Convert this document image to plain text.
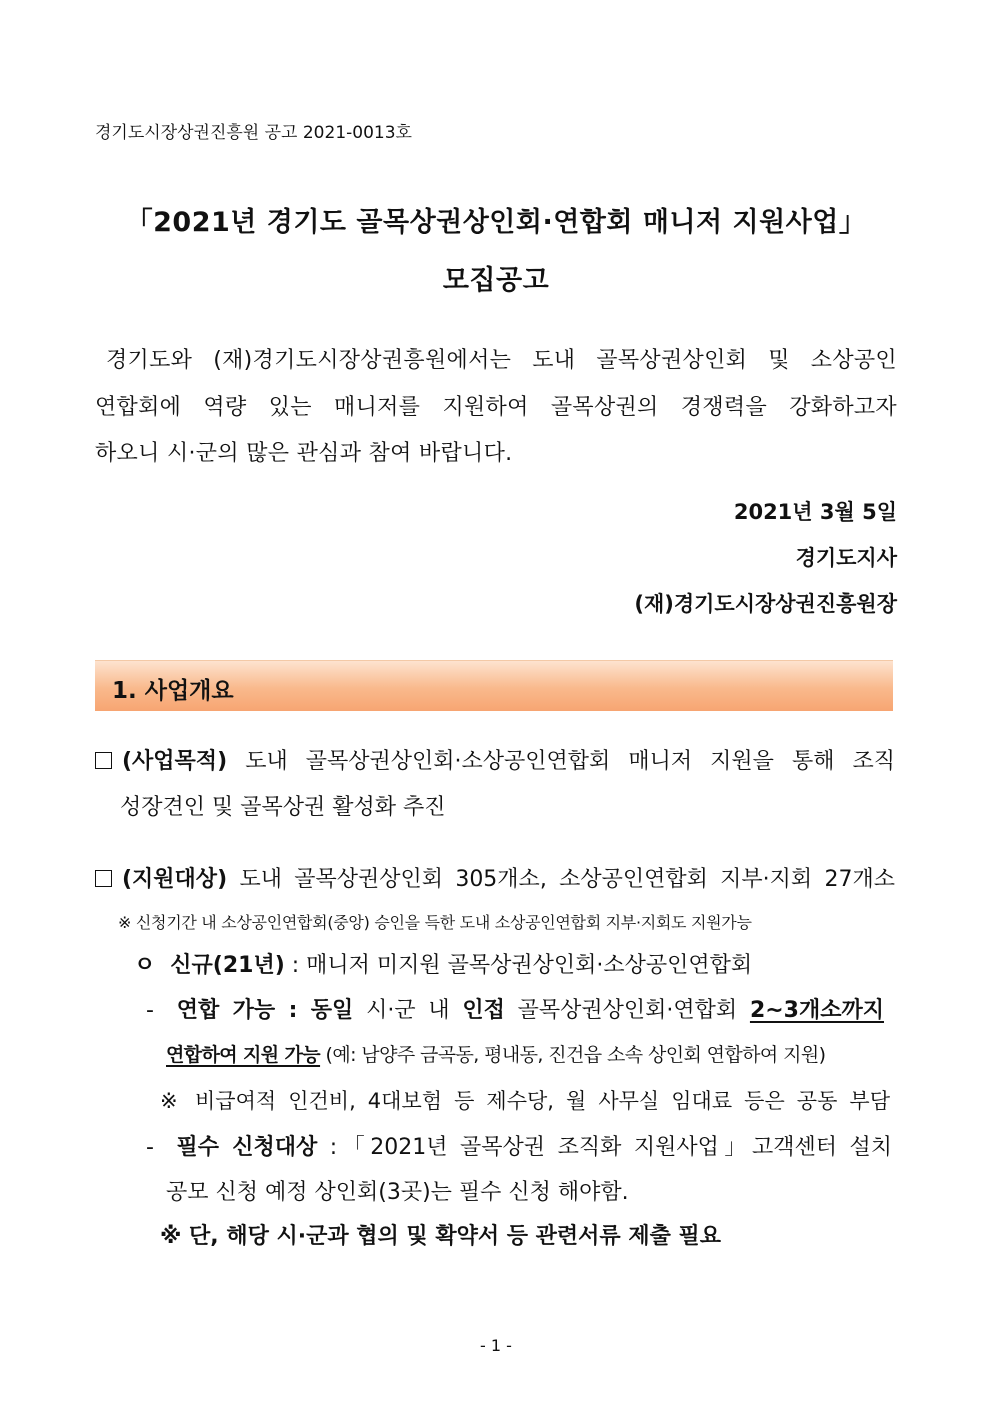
경기도시장상권진흥원 공고 2021-0013호
「2021년 경기도 골목상권상인회·연합회 매니저 지원사업」
모집공고
경기도와 (재)경기도시장상권흥원에서는 도내 골목상권상인회 및 소상공인
연합회에 역량 있는 매니저를 지원하여 골목상권의 경쟁력을 강화하고자
하오니 시·군의 많은 관심과 참여 바랍니다.
2021년 3월 5일
경기도지사
(재)경기도시장상권진흥원장
1. 사업개요
(사업목적) 도내 골목상권상인회·소상공인연합회 매니저 지원을 통해 조직
성장견인 및 골목상권 활성화 추진
(지원대상) 도내 골목상권상인회 305개소, 소상공인연합회 지부·지회 27개소
※ 신청기간 내 소상공인연합회(중앙) 승인을 득한 도내 소상공인연합회 지부·지회도 지원가능
ㅇ 신규(21년) : 매니저 미지원 골목상권상인회·소상공인연합회
- 연합 가능 : 동일 시·군 내 인접 골목상권상인회·연합회 2~3개소까지
연합하여 지원 가능 (예: 남양주 금곡동, 평내동, 진건읍 소속 상인회 연합하여 지원)
※ 비급여적 인건비, 4대보험 등 제수당, 월 사무실 임대료 등은 공동 부담
- 필수 신청대상 :「2021년 골목상권 조직화 지원사업」고객센터 설치
공모 신청 예정 상인회(3곳)는 필수 신청 해야함.
※ 단, 해당 시·군과 협의 및 확약서 등 관련서류 제출 필요
- 1 -
